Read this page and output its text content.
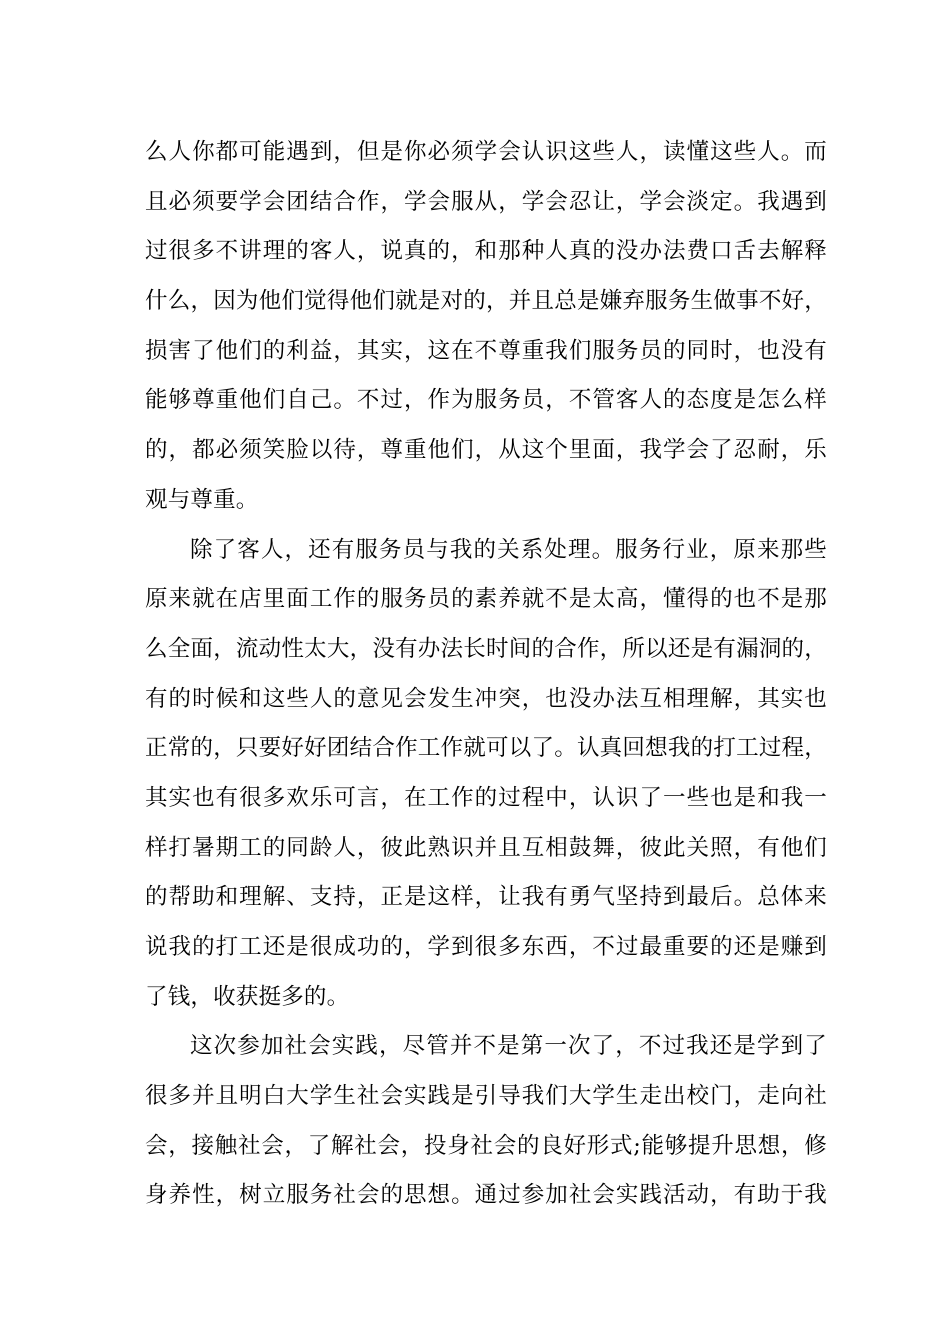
么人你都可能遇到，但是你必须学会认识这些人，读懂这些人。而
且必须要学会团结合作，学会服从，学会忍让，学会淡定。我遇到
过很多不讲理的客人，说真的，和那种人真的没办法费口舌去解释
什么，因为他们觉得他们就是对的，并且总是嫌弃服务生做事不好，
损害了他们的利益，其实，这在不尊重我们服务员的同时，也没有
能够尊重他们自己。不过，作为服务员，不管客人的态度是怎么样
的，都必须笑脸以待，尊重他们，从这个里面，我学会了忍耐，乐
观与尊重。
除了客人，还有服务员与我的关系处理。服务行业，原来那些
原来就在店里面工作的服务员的素养就不是太高，懂得的也不是那
么全面，流动性太大，没有办法长时间的合作，所以还是有漏洞的，
有的时候和这些人的意见会发生冲突，也没办法互相理解，其实也
正常的，只要好好团结合作工作就可以了。认真回想我的打工过程，
其实也有很多欢乐可言，在工作的过程中，认识了一些也是和我一
样打暑期工的同龄人，彼此熟识并且互相鼓舞，彼此关照，有他们
的帮助和理解、支持，正是这样，让我有勇气坚持到最后。总体来
说我的打工还是很成功的，学到很多东西，不过最重要的还是赚到
了钱，收获挺多的。
这次参加社会实践，尽管并不是第一次了，不过我还是学到了
很多并且明白大学生社会实践是引导我们大学生走出校门，走向社
会，接触社会，了解社会，投身社会的良好形式;能够提升思想，修
身养性，树立服务社会的思想。通过参加社会实践活动，有助于我
